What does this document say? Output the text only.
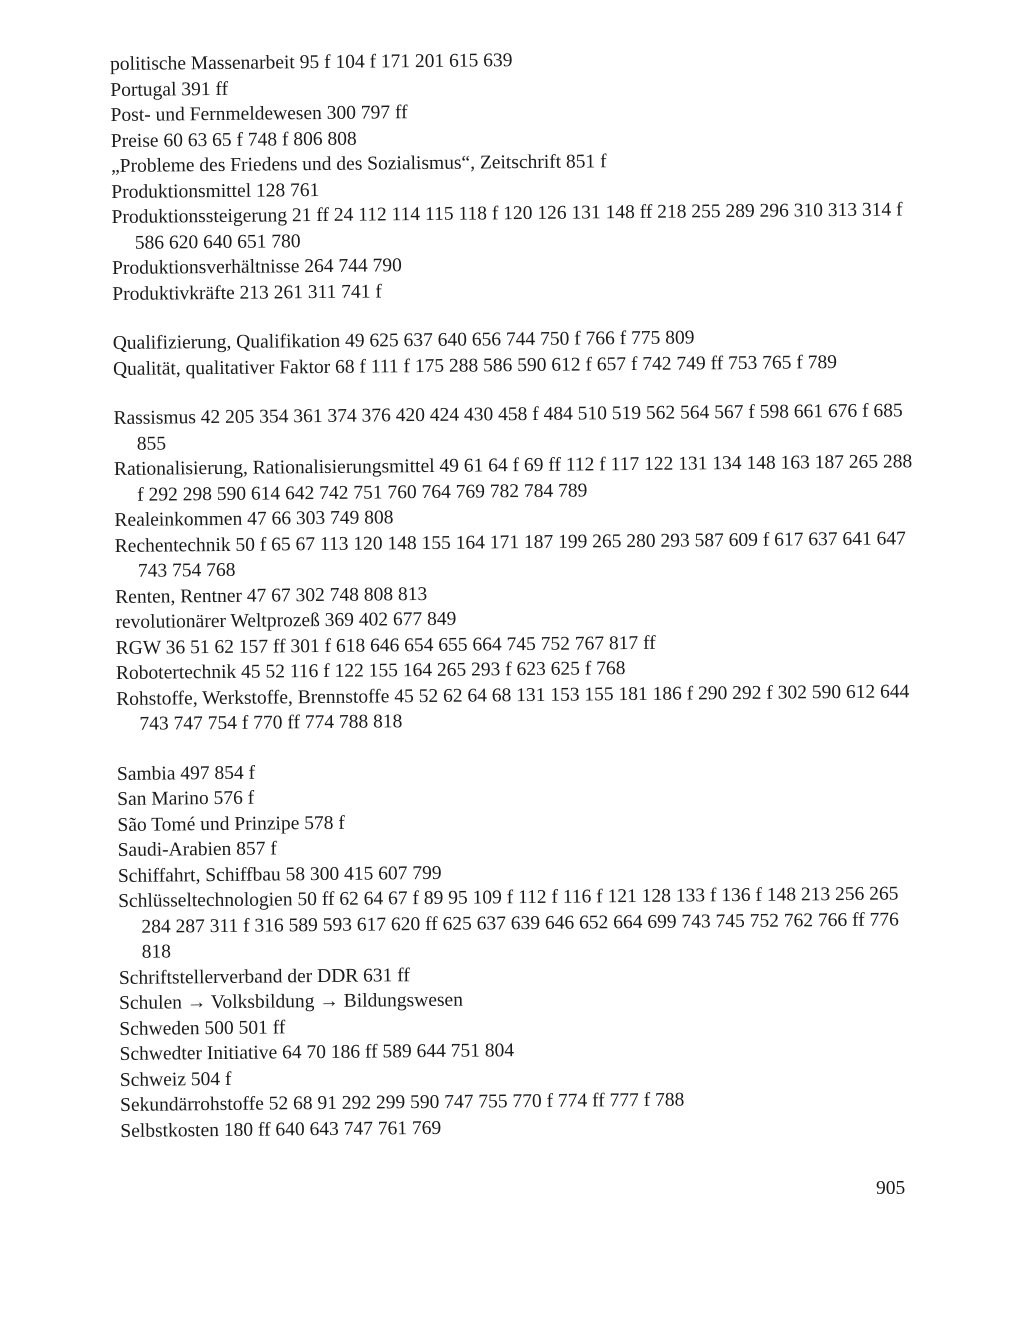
politische Massenarbeit 95 f 104 f 171 201 615 639
Portugal 391 ff
Post- und Fernmeldewesen 300 797 ff
Preise 60 63 65 f 748 f 806 808
„Probleme des Friedens und des Sozialismus“, Zeitschrift 851 f
Produktionsmittel 128 761
Produktionssteigerung 21 ff 24 112 114 115 118 f 120 126 131 148 ff 218 255 289 296 310 313 314 f 586 620 640 651 780
Produktionsverhältnisse 264 744 790
Produktivkräfte 213 261 311 741 f
Qualifizierung, Qualifikation 49 625 637 640 656 744 750 f 766 f 775 809
Qualität, qualitativer Faktor 68 f 111 f 175 288 586 590 612 f 657 f 742 749 ff 753 765 f 789
Rassismus 42 205 354 361 374 376 420 424 430 458 f 484 510 519 562 564 567 f 598 661 676 f 685 855
Rationalisierung, Rationalisierungsmittel 49 61 64 f 69 ff 112 f 117 122 131 134 148 163 187 265 288 f 292 298 590 614 642 742 751 760 764 769 782 784 789
Realeinkommen 47 66 303 749 808
Rechentechnik 50 f 65 67 113 120 148 155 164 171 187 199 265 280 293 587 609 f 617 637 641 647 743 754 768
Renten, Rentner 47 67 302 748 808 813
revolutionärer Weltprozeß 369 402 677 849
RGW 36 51 62 157 ff 301 f 618 646 654 655 664 745 752 767 817 ff
Robotertechnik 45 52 116 f 122 155 164 265 293 f 623 625 f 768
Rohstoffe, Werkstoffe, Brennstoffe 45 52 62 64 68 131 153 155 181 186 f 290 292 f 302 590 612 644 743 747 754 f 770 ff 774 788 818
Sambia 497 854 f
San Marino 576 f
São Tomé und Prinzipe 578 f
Saudi-Arabien 857 f
Schiffahrt, Schiffbau 58 300 415 607 799
Schlüsseltechnologien 50 ff 62 64 67 f 89 95 109 f 112 f 116 f 121 128 133 f 136 f 148 213 256 265 284 287 311 f 316 589 593 617 620 ff 625 637 639 646 652 664 699 743 745 752 762 766 ff 776 818
Schriftstellerverband der DDR 631 ff
Schulen → Volksbildung → Bildungswesen
Schweden 500 501 ff
Schwedter Initiative 64 70 186 ff 589 644 751 804
Schweiz 504 f
Sekundärrohstoffe 52 68 91 292 299 590 747 755 770 f 774 ff 777 f 788
Selbstkosten 180 ff 640 643 747 761 769
905
